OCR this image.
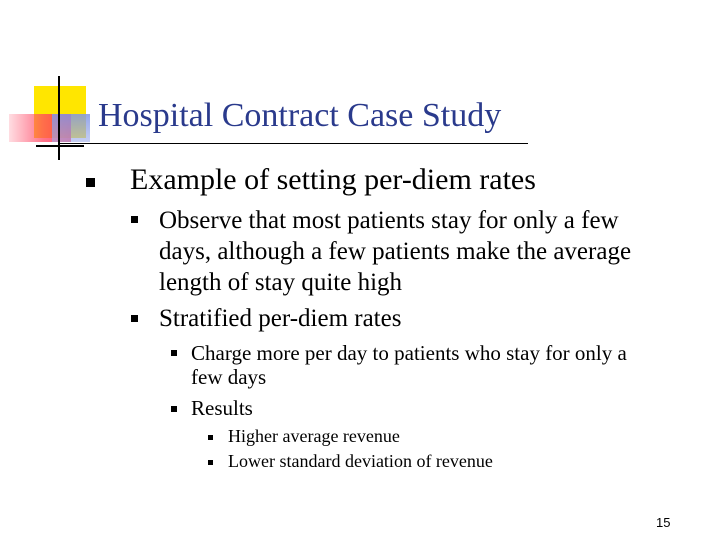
Hospital Contract Case Study
Example of setting per-diem rates
Observe that most patients stay for only a few
days, although a few patients make the average
length of stay quite high
Stratified per-diem rates
Charge more per day to patients who stay for only a
few days
Results
Higher average revenue
Lower standard deviation of revenue
15
